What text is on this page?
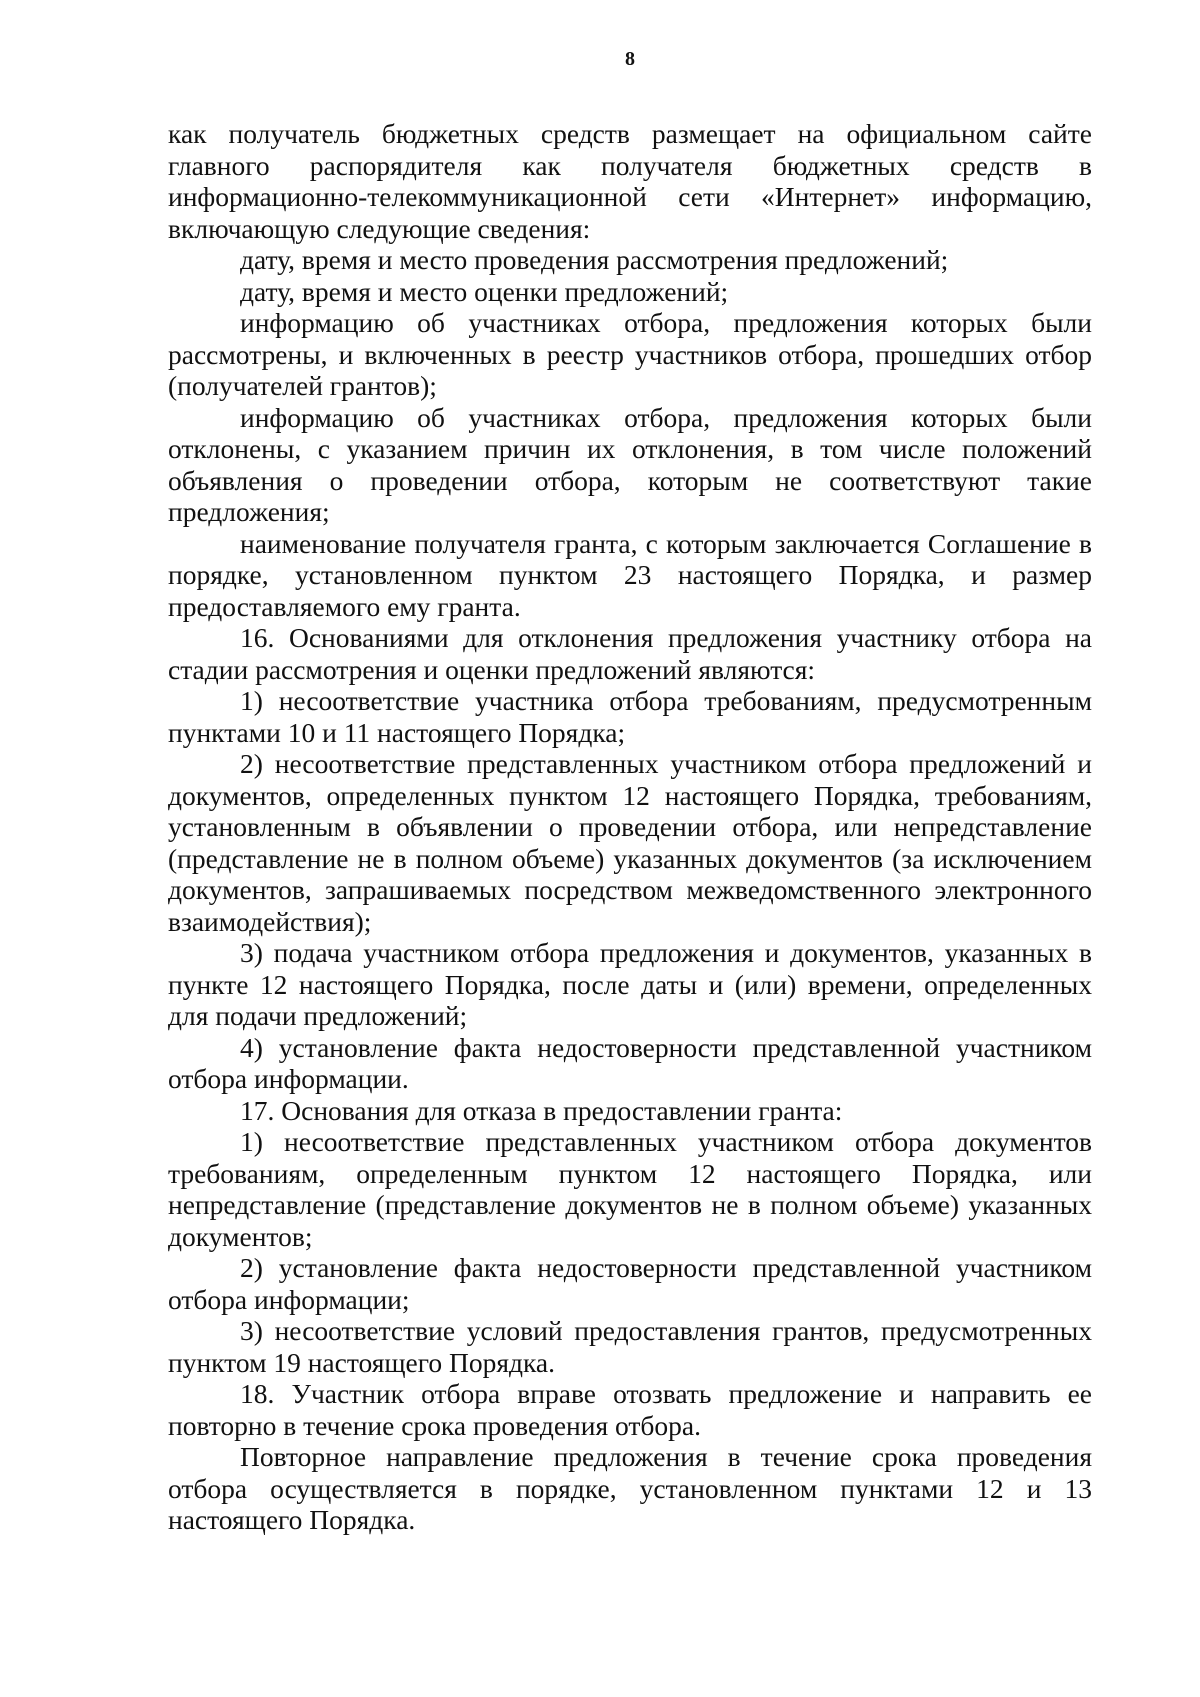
8

как получатель бюджетных средств размещает на официальном сайте главного распорядителя как получателя бюджетных средств в информационно-телекоммуникационной сети «Интернет» информацию, включающую следующие сведения:

дату, время и место проведения рассмотрения предложений;

дату, время и место оценки предложений;

информацию об участниках отбора, предложения которых были рассмотрены, и включенных в реестр участников отбора, прошедших отбор (получателей грантов);

информацию об участниках отбора, предложения которых были отклонены, с указанием причин их отклонения, в том числе положений объявления о проведении отбора, которым не соответствуют такие предложения;

наименование получателя гранта, с которым заключается Соглашение в порядке, установленном пунктом 23 настоящего Порядка, и размер предоставляемого ему гранта.

16. Основаниями для отклонения предложения участнику отбора на стадии рассмотрения и оценки предложений являются:

1) несоответствие участника отбора требованиям, предусмотренным пунктами 10 и 11 настоящего Порядка;

2) несоответствие представленных участником отбора предложений и документов, определенных пунктом 12 настоящего Порядка, требованиям, установленным в объявлении о проведении отбора, или непредставление (представление не в полном объеме) указанных документов (за исключением документов, запрашиваемых посредством межведомственного электронного взаимодействия);

3) подача участником отбора предложения и документов, указанных в пункте 12 настоящего Порядка, после даты и (или) времени, определенных для подачи предложений;

4) установление факта недостоверности представленной участником отбора информации.

17. Основания для отказа в предоставлении гранта:

1) несоответствие представленных участником отбора документов требованиям, определенным пунктом 12 настоящего Порядка, или непредставление (представление документов не в полном объеме) указанных документов;

2) установление факта недостоверности представленной участником отбора информации;

3) несоответствие условий предоставления грантов, предусмотренных пунктом 19 настоящего Порядка.

18. Участник отбора вправе отозвать предложение и направить ее повторно в течение срока проведения отбора.

Повторное направление предложения в течение срока проведения отбора осуществляется в порядке, установленном пунктами 12 и 13 настоящего Порядка.
